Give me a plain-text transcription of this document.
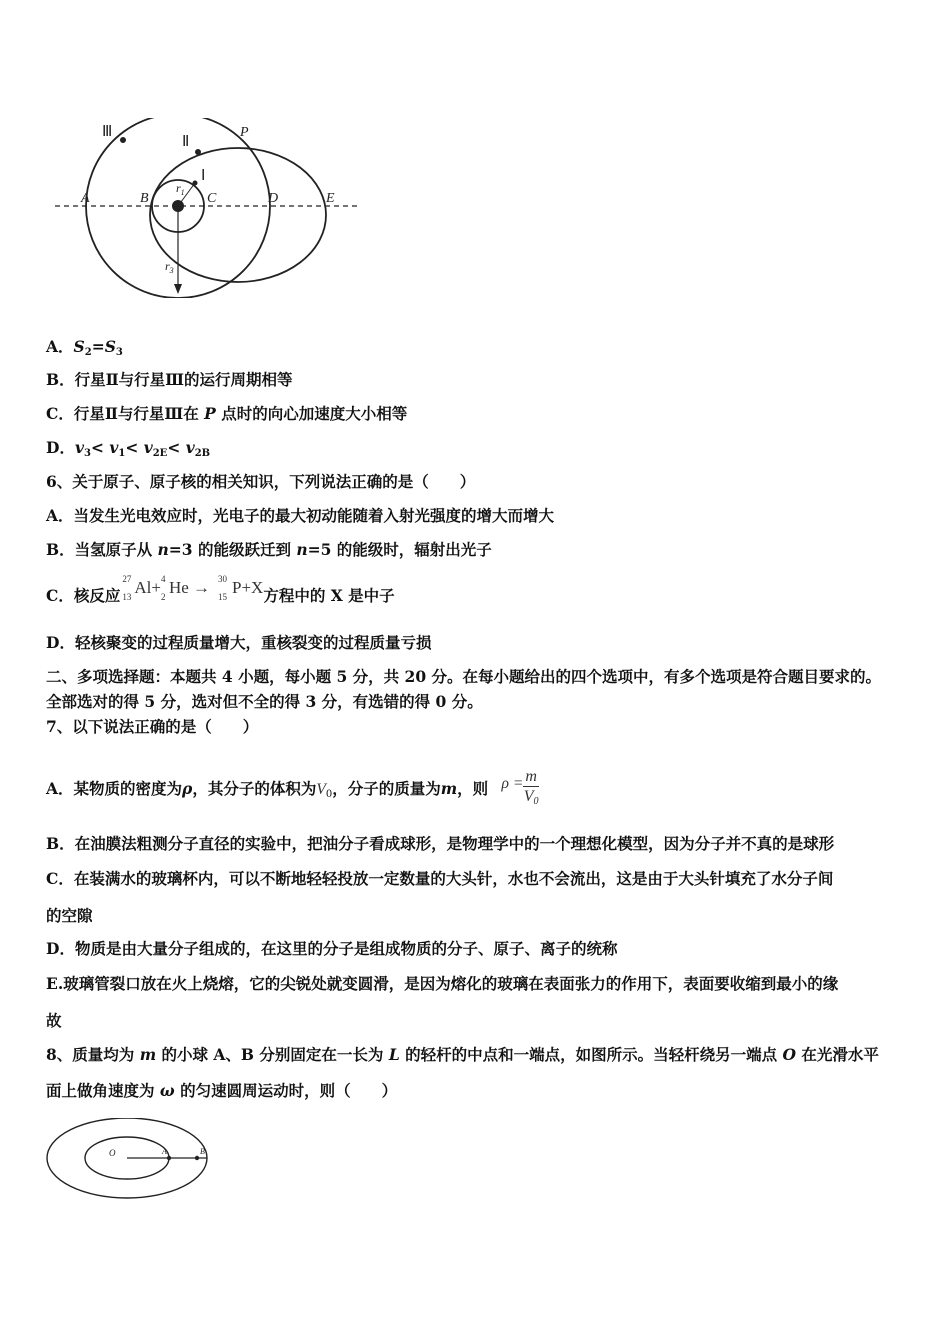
Ⅲ
Ⅱ
P
Ⅰ
A	B	C	D	E
$r_1$
$r_3$
A．$S_2=S_3$
B．行星Ⅱ与行星Ⅲ的运行周期相等
C．行星Ⅱ与行星Ⅲ在 P 点时的向心加速度大小相等
D．$v_3< v_1< v_{2E}< v_{2B}$
6、关于原子、原子核的相关知识，下列说法正确的是（　　）
A．当发生光电效应时，光电子的最大初动能随着入射光强度的增大而增大
B．当氢原子从 n=3 的能级跃迁到 n=5 的能级时，辐射出光子
C．核反应
27
13 Al+ 4
2 He → 30
15 P+X方程中的 X 是中子
D．轻核聚变的过程质量增大，重核裂变的过程质量亏损
二、多项选择题：本题共 4 小题，每小题 5 分，共 20 分。在每小题给出的四个选项中，有多个选项是符合题目要求的。
全部选对的得 5 分，选对但不全的得 3 分，有选错的得 0 分。
7、以下说法正确的是（　　）
A．某物质的密度为ρ，其分子的体积为$V_0$，分子的质量为m，则 $\rho = \frac{m}{V_0}$
B．在油膜法粗测分子直径的实验中，把油分子看成球形，是物理学中的一个理想化模型，因为分子并不真的是球形
C．在装满水的玻璃杯内，可以不断地轻轻投放一定数量的大头针，水也不会流出，这是由于大头针填充了水分子间
的空隙
D．物质是由大量分子组成的，在这里的分子是组成物质的分子、原子、离子的统称
E.玻璃管裂口放在火上烧熔，它的尖锐处就变圆滑，是因为熔化的玻璃在表面张力的作用下，表面要收缩到最小的缘
故
8、质量均为 m 的小球 A、B 分别固定在一长为 L 的轻杆的中点和一端点，如图所示。当轻杆绕另一端点 O 在光滑水平
面上做角速度为 ω 的匀速圆周运动时，则（　　）
O	A	B
